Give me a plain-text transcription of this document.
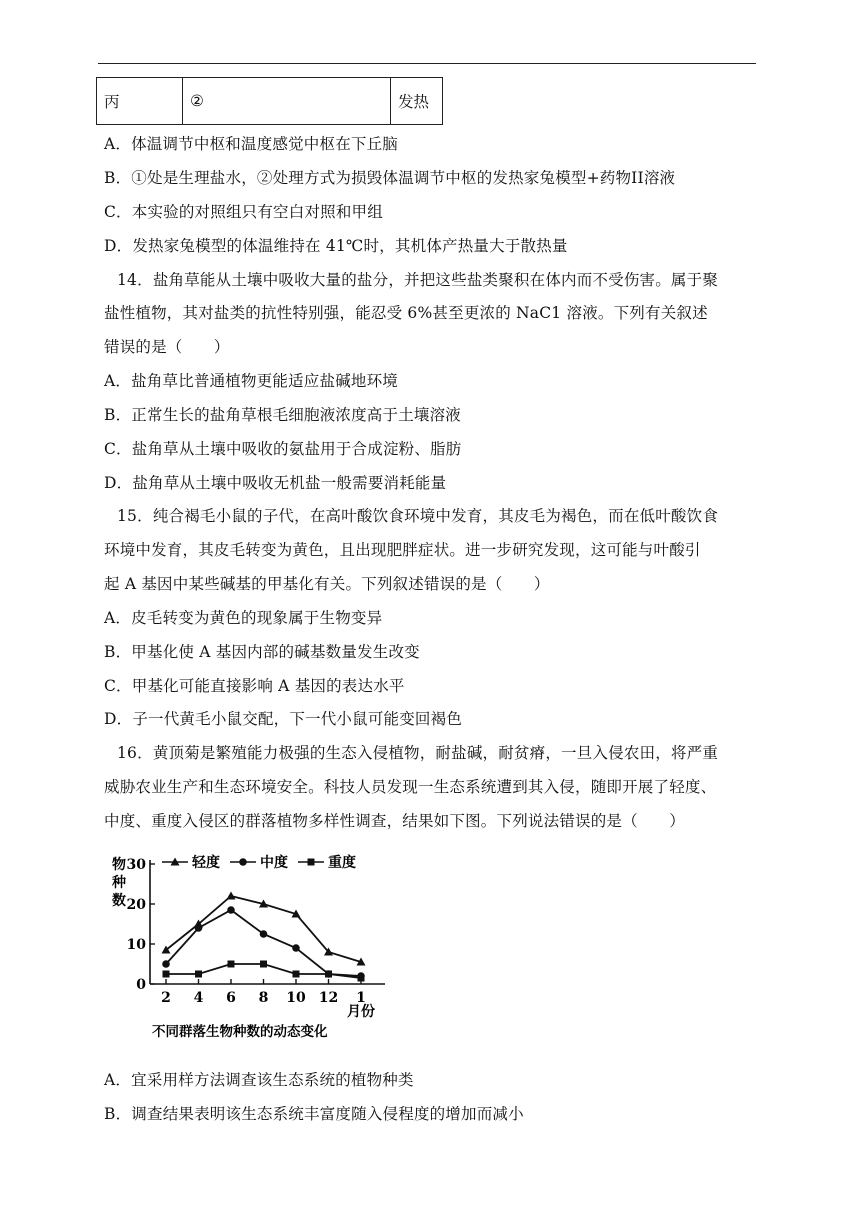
丙	②	发热
A．体温调节中枢和温度感觉中枢在下丘脑
B．①处是生理盐水，②处理方式为损毁体温调节中枢的发热家兔模型+药物II溶液
C．本实验的对照组只有空白对照和甲组
D．发热家兔模型的体温维持在 41℃时，其机体产热量大于散热量
14．盐角草能从土壤中吸收大量的盐分，并把这些盐类聚积在体内而不受伤害。属于聚
盐性植物，其对盐类的抗性特别强，能忍受 6%甚至更浓的 NaC1 溶液。下列有关叙述
错误的是（　　）
A．盐角草比普通植物更能适应盐碱地环境
B．正常生长的盐角草根毛细胞液浓度高于土壤溶液
C．盐角草从土壤中吸收的氨盐用于合成淀粉、脂肪
D．盐角草从土壤中吸收无机盐一般需要消耗能量
15．纯合褐毛小鼠的子代，在高叶酸饮食环境中发育，其皮毛为褐色，而在低叶酸饮食
环境中发育，其皮毛转变为黄色，且出现肥胖症状。进一步研究发现，这可能与叶酸引
起 A 基因中某些碱基的甲基化有关。下列叙述错误的是（　　）
A．皮毛转变为黄色的现象属于生物变异
B．甲基化使 A 基因内部的碱基数量发生改变
C．甲基化可能直接影响 A 基因的表达水平
D．子一代黄毛小鼠交配，下一代小鼠可能变回褐色
16．黄顶菊是繁殖能力极强的生态入侵植物，耐盐碱，耐贫瘠，一旦入侵农田，将严重
威胁农业生产和生态环境安全。科技人员发现一生态系统遭到其入侵，随即开展了轻度、
中度、重度入侵区的群落植物多样性调查，结果如下图。下列说法错误的是（　　）
物
种
数
0
10
20
30
2 4 6 8 10 12 1
轻度	中度	重度
月份
不同群落生物种数的动态变化
A．宜采用样方法调查该生态系统的植物种类
B．调查结果表明该生态系统丰富度随入侵程度的增加而减小
